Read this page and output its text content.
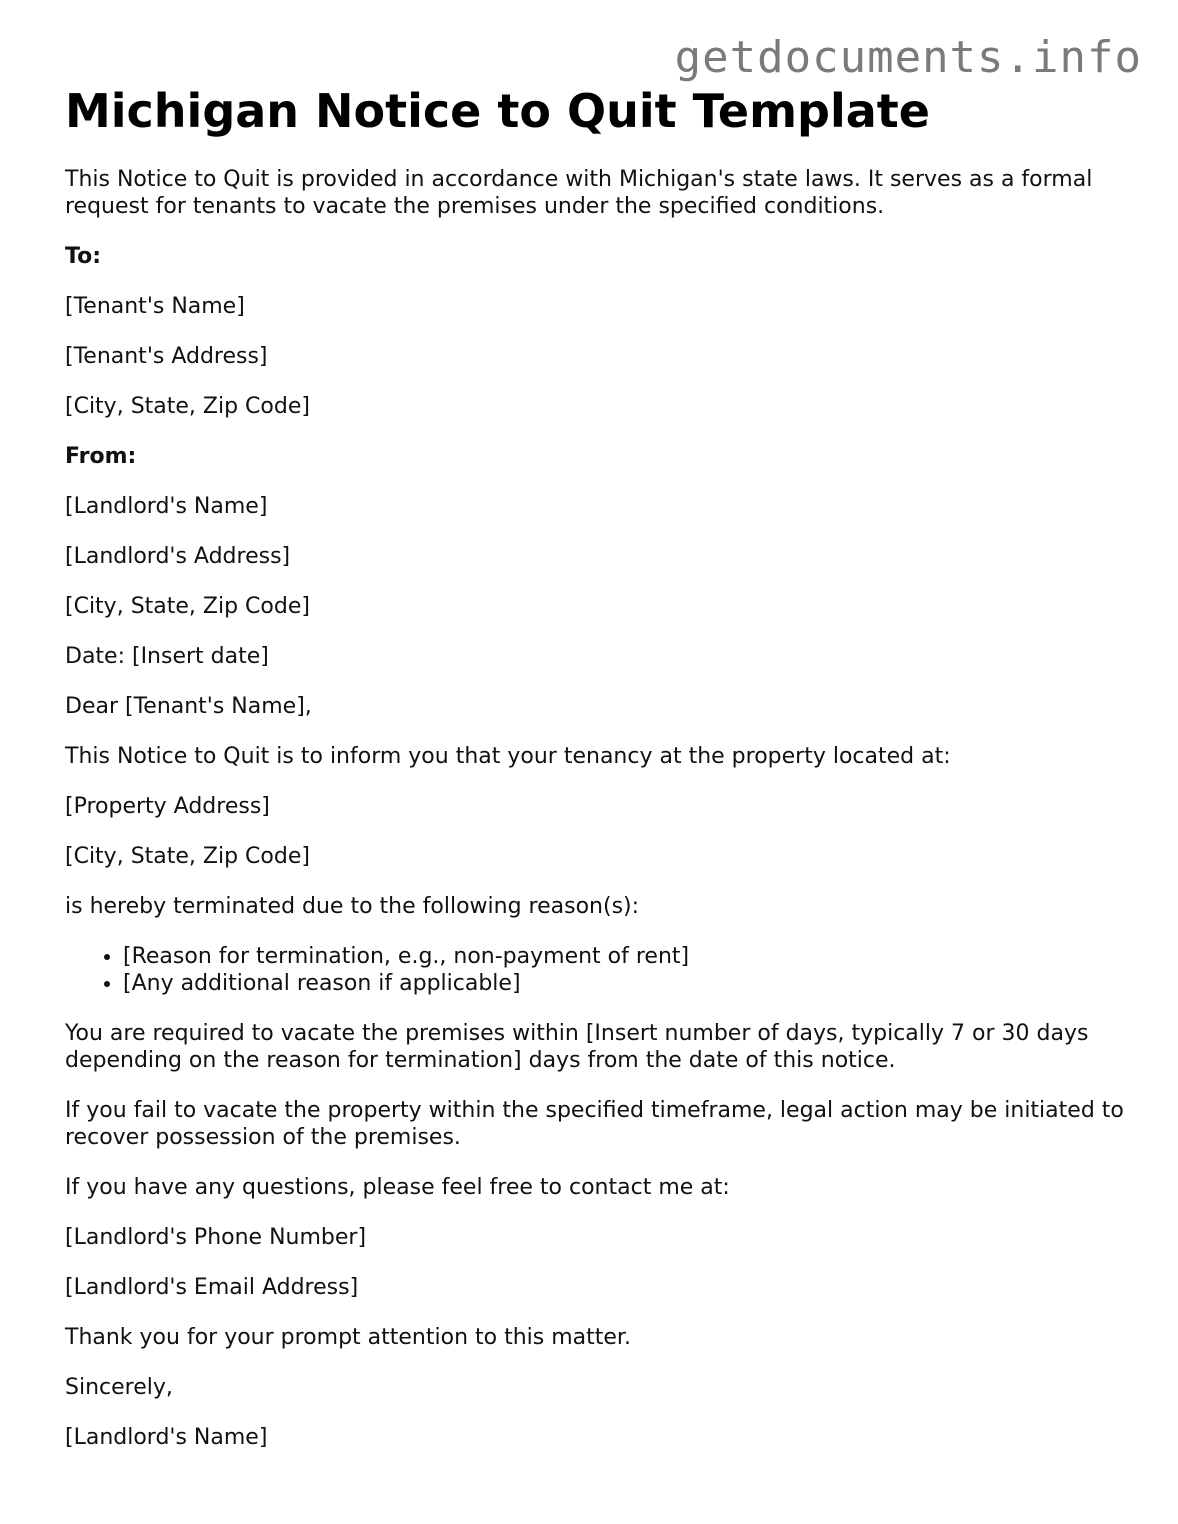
getdocuments.info
Michigan Notice to Quit Template

This Notice to Quit is provided in accordance with Michigan's state laws. It serves as a formal request for tenants to vacate the premises under the specified conditions.

To:

[Tenant's Name]

[Tenant's Address]

[City, State, Zip Code]

From:

[Landlord's Name]

[Landlord's Address]

[City, State, Zip Code]

Date: [Insert date]

Dear [Tenant's Name],

This Notice to Quit is to inform you that your tenancy at the property located at:

[Property Address]

[City, State, Zip Code]

is hereby terminated due to the following reason(s):

• [Reason for termination, e.g., non-payment of rent]
• [Any additional reason if applicable]

You are required to vacate the premises within [Insert number of days, typically 7 or 30 days depending on the reason for termination] days from the date of this notice.

If you fail to vacate the property within the specified timeframe, legal action may be initiated to recover possession of the premises.

If you have any questions, please feel free to contact me at:

[Landlord's Phone Number]

[Landlord's Email Address]

Thank you for your prompt attention to this matter.

Sincerely,

[Landlord's Name]
